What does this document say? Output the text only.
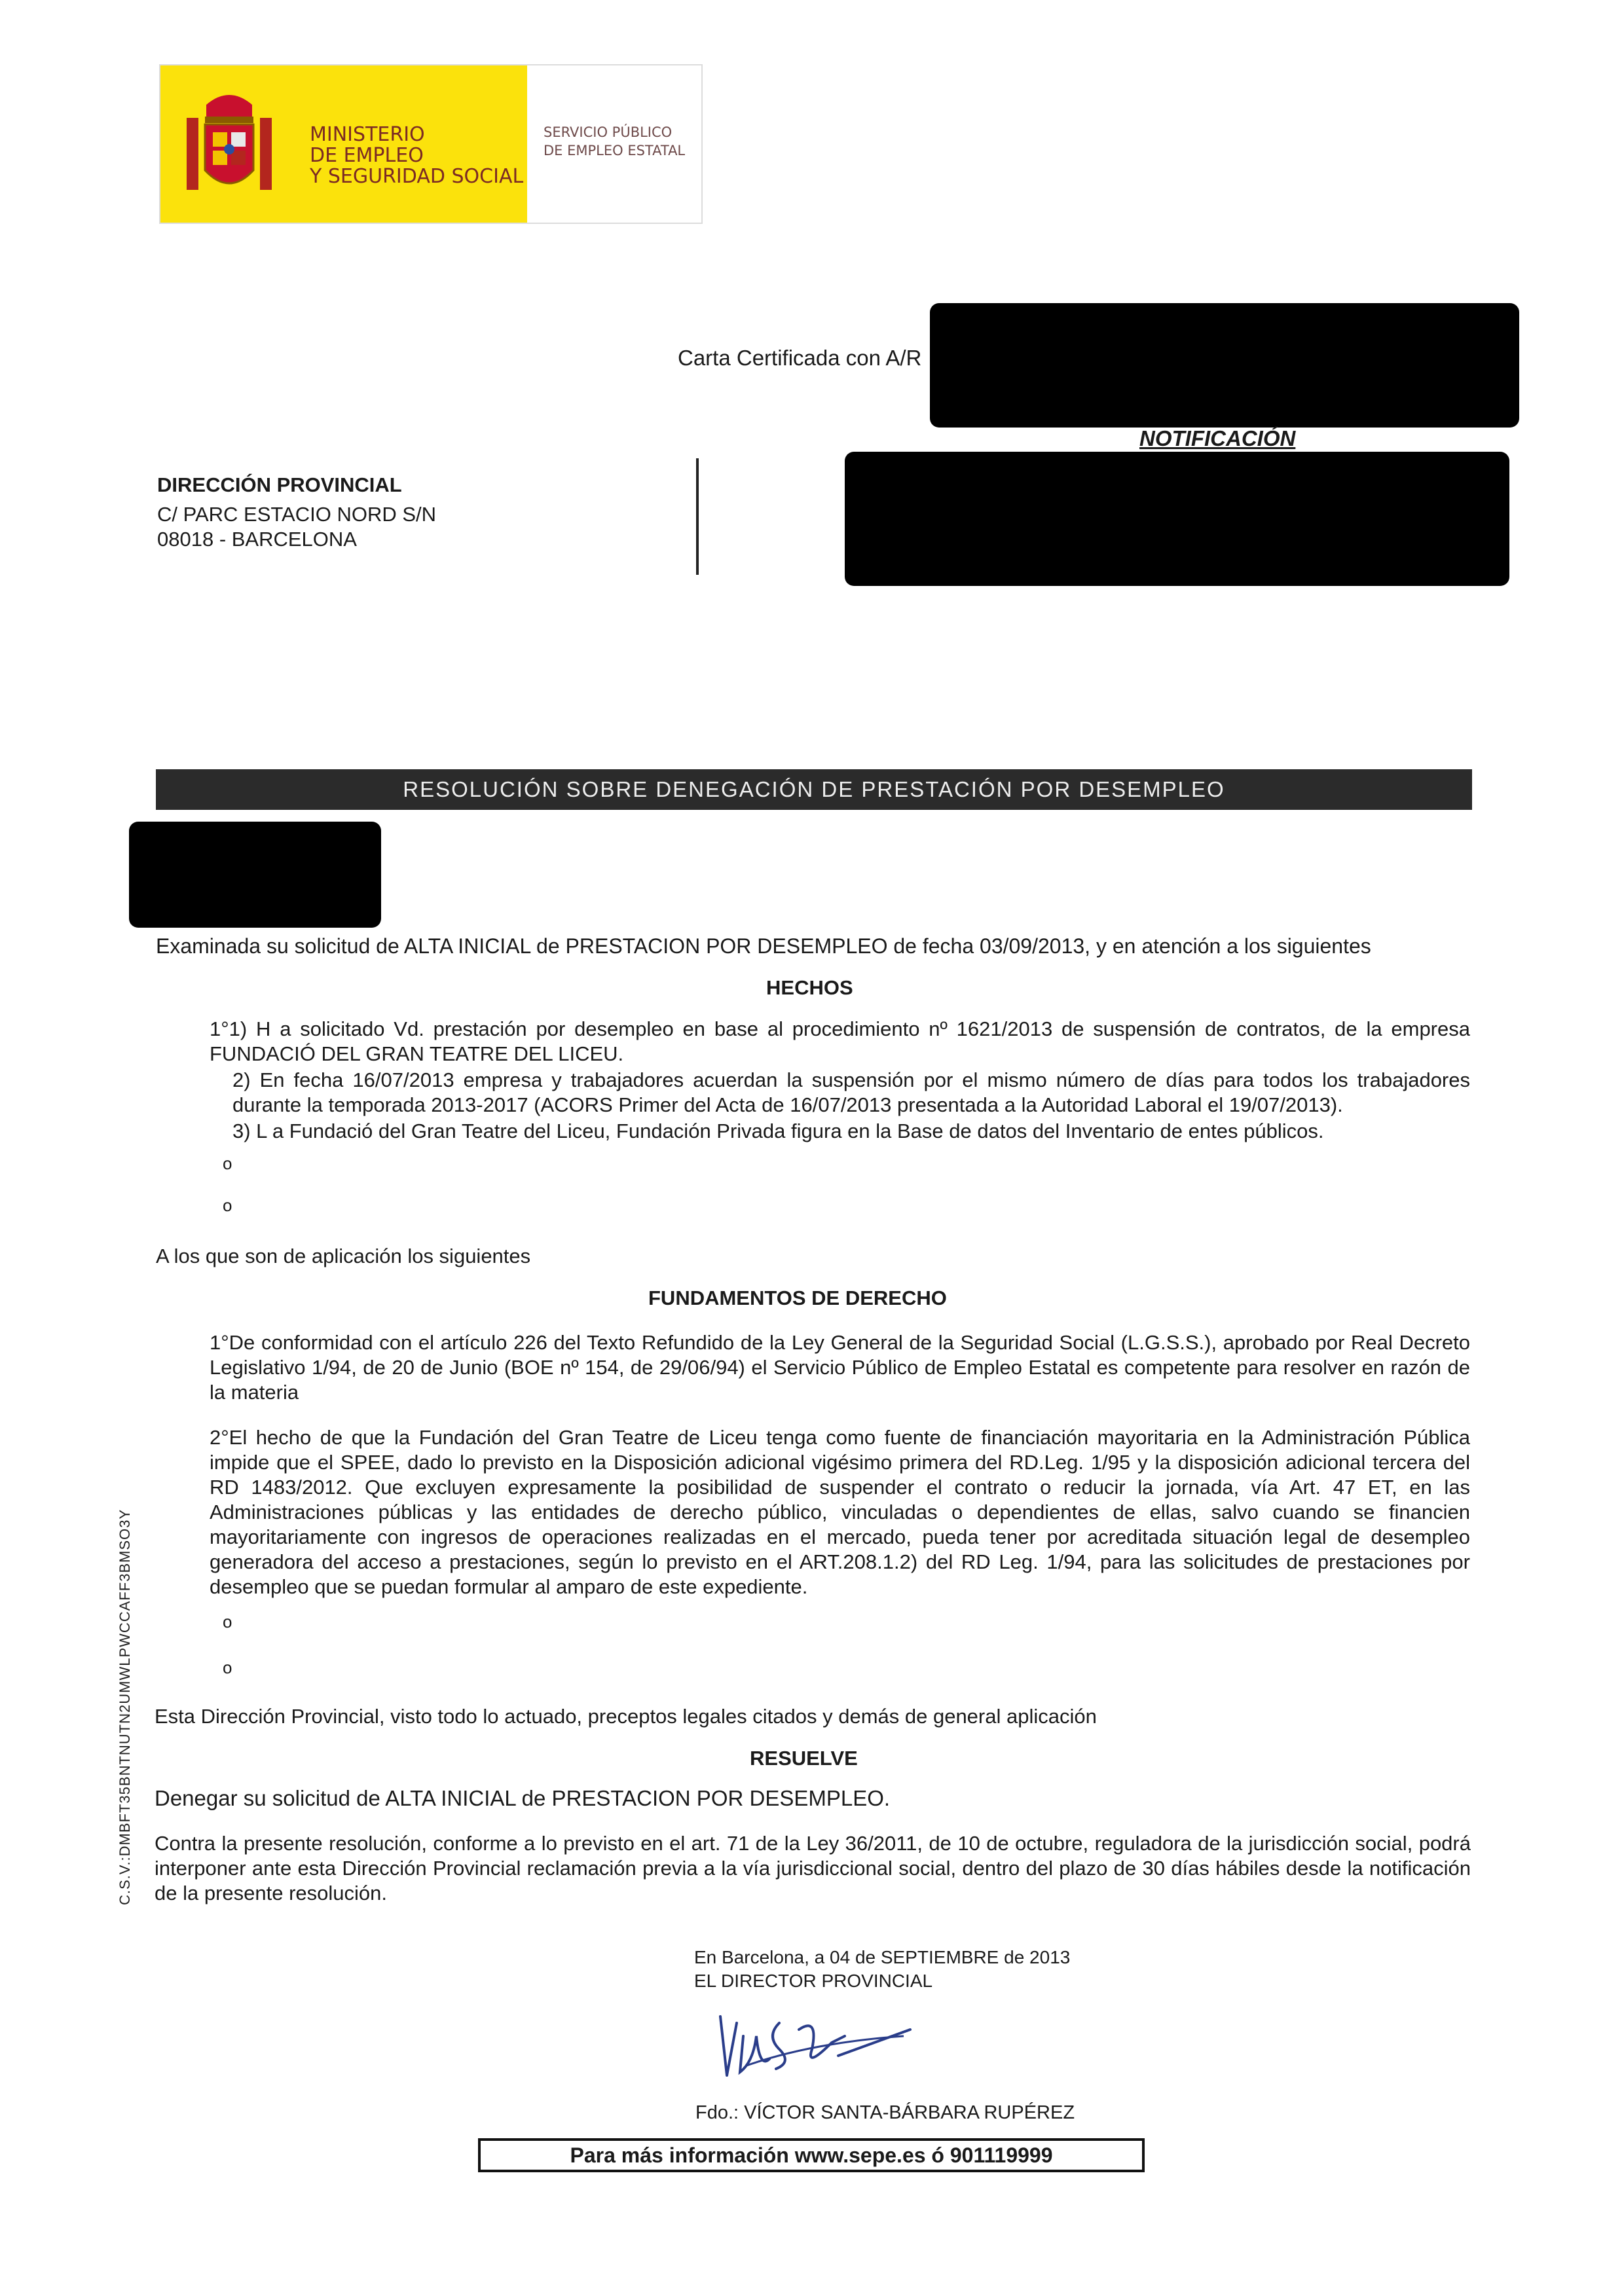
MINISTERIO
DE EMPLEO
Y SEGURIDAD SOCIAL
SERVICIO PÚBLICO
DE EMPLEO ESTATAL
Carta Certificada con A/R
NOTIFICACIÓN
DIRECCIÓN PROVINCIAL
C/ PARC ESTACIO NORD S/N
08018 - BARCELONA
RESOLUCIÓN SOBRE DENEGACIÓN DE PRESTACIÓN POR DESEMPLEO
Examinada su solicitud de ALTA INICIAL de PRESTACION POR DESEMPLEO de fecha 03/09/2013, y en atención a los siguientes
HECHOS
1°1) H a solicitado Vd. prestación por desempleo en base al procedimiento nº 1621/2013 de suspensión de contratos, de la empresa FUNDACIÓ DEL GRAN TEATRE DEL LICEU.
2) En fecha 16/07/2013 empresa y trabajadores acuerdan la suspensión por el mismo número de días para todos los trabajadores durante la temporada 2013-2017 (ACORS Primer del Acta de 16/07/2013 presentada a la Autoridad Laboral el 19/07/2013).
3) L a Fundació del Gran Teatre del Liceu, Fundación Privada figura en la Base de datos del Inventario de entes públicos.
o
o
A los que son de aplicación los siguientes
FUNDAMENTOS DE DERECHO
1°De conformidad con el artículo 226 del Texto Refundido de la Ley General de la Seguridad Social (L.G.S.S.), aprobado por Real Decreto Legislativo 1/94, de 20 de Junio (BOE nº 154, de 29/06/94) el Servicio Público de Empleo Estatal es competente para resolver en razón de la materia
2°El hecho de que la Fundación del Gran Teatre de Liceu tenga como fuente de financiación mayoritaria en la Administración Pública impide que el SPEE, dado lo previsto en la Disposición adicional vigésimo primera del RD.Leg. 1/95 y la disposición adicional tercera del RD 1483/2012. Que excluyen expresamente la posibilidad de suspender el contrato o reducir la jornada, vía Art. 47 ET, en las Administraciones públicas y las entidades de derecho público, vinculadas o dependientes de ellas, salvo cuando se financien mayoritariamente con ingresos de operaciones realizadas en el mercado, pueda tener por acreditada situación legal de desempleo generadora del acceso a prestaciones, según lo previsto en el ART.208.1.2) del RD Leg. 1/94, para las solicitudes de prestaciones por desempleo que se puedan formular al amparo de este expediente.
o
o
Esta Dirección Provincial, visto todo lo actuado, preceptos legales citados y demás de general aplicación
RESUELVE
Denegar su solicitud de ALTA INICIAL de PRESTACION POR DESEMPLEO.
Contra la presente resolución, conforme a lo previsto en el art. 71 de la Ley 36/2011, de 10 de octubre, reguladora de la jurisdicción social, podrá interponer ante esta Dirección Provincial reclamación previa a la vía jurisdiccional social, dentro del plazo de 30 días hábiles desde la notificación de la presente resolución.
En Barcelona, a 04 de SEPTIEMBRE de 2013
EL DIRECTOR PROVINCIAL
Fdo.: VÍCTOR SANTA-BÁRBARA RUPÉREZ
Para más información www.sepe.es ó 901119999
C.S.V.:DMBFT35BNTNUTN2UMWLPWCCAFF3BMSO3Y
